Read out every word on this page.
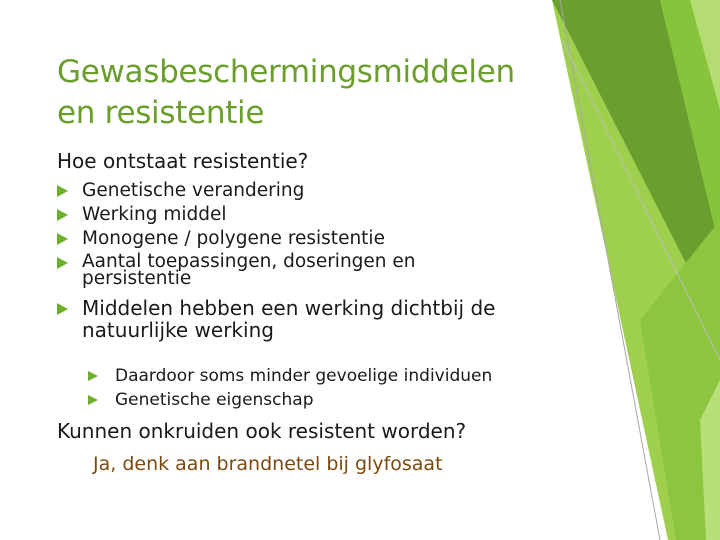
Gewasbeschermingsmiddelen
en resistentie
Hoe ontstaat resistentie?
Genetische verandering
Werking middel
Monogene / polygene resistentie
Aantal toepassingen, doseringen en persistentie
Middelen hebben een werking dichtbij de natuurlijke werking
Daardoor soms minder gevoelige individuen
Genetische eigenschap
Kunnen onkruiden ook resistent worden?
Ja, denk aan brandnetel bij glyfosaat
